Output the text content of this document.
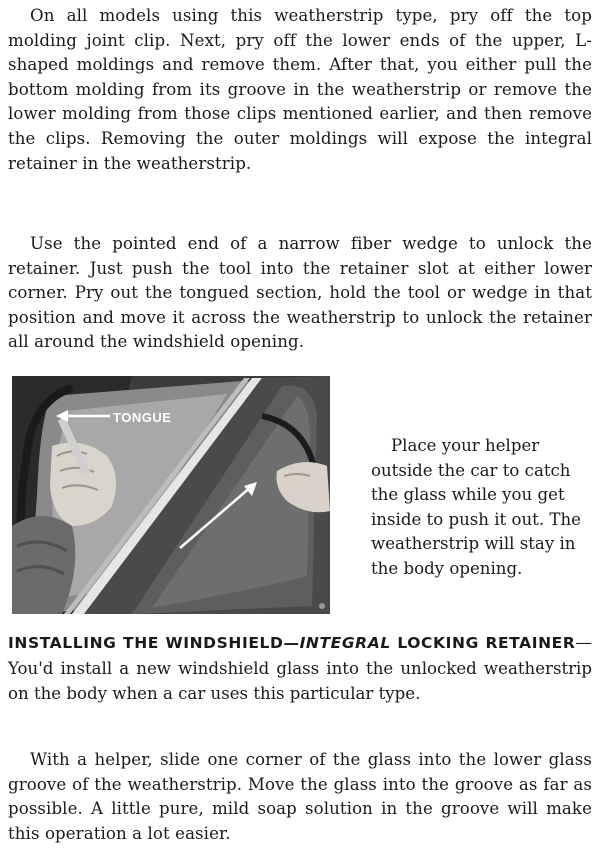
On all models using this weatherstrip type, pry off the top molding joint clip. Next, pry off the lower ends of the upper, L-shaped moldings and remove them. After that, you either pull the bottom molding from its groove in the weatherstrip or remove the lower molding from those clips mentioned earlier, and then remove the clips. Removing the outer moldings will expose the integral retainer in the weatherstrip.

Use the pointed end of a narrow fiber wedge to unlock the retainer. Just push the tool into the retainer slot at either lower corner. Pry out the tongued section, hold the tool or wedge in that position and move it across the weatherstrip to unlock the retainer all around the windshield opening.

TONGUE

Place your helper outside the car to catch the glass while you get inside to push it out. The weatherstrip will stay in the body opening.

INSTALLING THE WINDSHIELD—INTEGRAL LOCKING RETAINER—You'd install a new windshield glass into the unlocked weatherstrip on the body when a car uses this particular type.

With a helper, slide one corner of the glass into the lower glass groove of the weatherstrip. Move the glass into the groove as far as possible. A little pure, mild soap solution in the groove will make this operation a lot easier.
